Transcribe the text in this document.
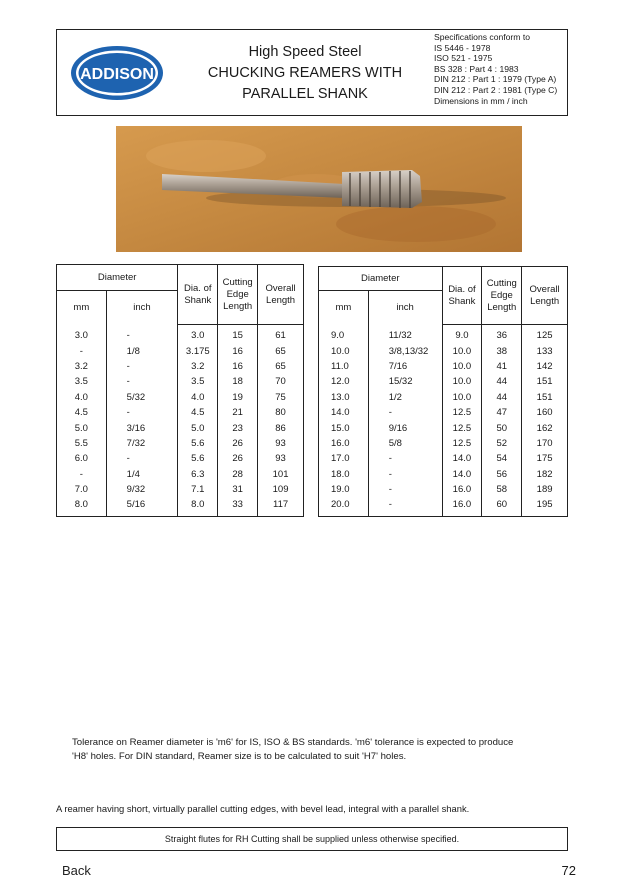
ADDISON
High Speed Steel
CHUCKING REAMERS WITH
PARALLEL SHANK
Specifications conform to
IS 5446 - 1978
ISO 521 - 1975
BS 328 : Part 4 : 1983
DIN 212 : Part 1 : 1979 (Type A)
DIN 212 : Part 2 : 1981 (Type C)
Dimensions in mm / inch
Diameter		Dia. of
Shank	Cutting
Edge
Length	Overall
Length
mm	inch			
3.0	-	3.0	15	61
-	1/8	3.175	16	65
3.2	-	3.2	16	65
3.5	-	3.5	18	70
4.0	5/32	4.0	19	75
4.5	-	4.5	21	80
5.0	3/16	5.0	23	86
5.5	7/32	5.6	26	93
6.0	-	5.6	26	93
-	1/4	6.3	28	101
7.0	9/32	7.1	31	109
8.0	5/16	8.0	33	117
Diameter		Dia. of
Shank	Cutting
Edge
Length	Overall
Length
mm	inch			
9.0	11/32	9.0	36	125
10.0	3/8,13/32	10.0	38	133
11.0	7/16	10.0	41	142
12.0	15/32	10.0	44	151
13.0	1/2	10.0	44	151
14.0	-	12.5	47	160
15.0	9/16	12.5	50	162
16.0	5/8	12.5	52	170
17.0	-	14.0	54	175
18.0	-	14.0	56	182
19.0	-	16.0	58	189
20.0	-	16.0	60	195
Tolerance on Reamer diameter is 'm6' for IS, ISO & BS standards. 'm6' tolerance is expected to produce
'H8' holes. For DIN standard, Reamer size is to be calculated to suit 'H7' holes.
A reamer having short, virtually parallel cutting edges, with bevel lead, integral with a parallel shank.
Straight flutes for RH Cutting shall be supplied unless otherwise specified.
Back	72
